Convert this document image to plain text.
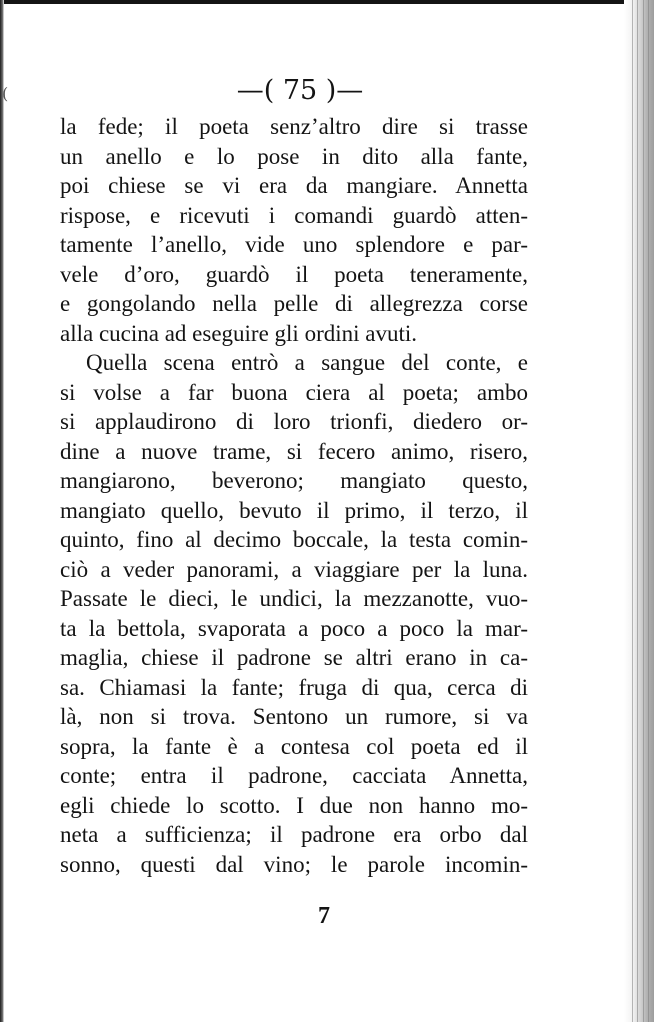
(	—( 75 )—
la fede; il poeta senz’altro dire si trasse
un anello e lo pose in dito alla fante,
poi chiese se vi era da mangiare. Annetta
rispose, e ricevuti i comandi guardò atten-
tamente l’anello, vide uno splendore e par-
vele d’oro, guardò il poeta teneramente,
e gongolando nella pelle di allegrezza corse
alla cucina ad eseguire gli ordini avuti.
Quella scena entrò a sangue del conte, e
si volse a far buona ciera al poeta; ambo
si applaudirono di loro trionfi, diedero or-
dine a nuove trame, si fecero animo, risero,
mangiarono, beverono; mangiato questo,
mangiato quello, bevuto il primo, il terzo, il
quinto, fino al decimo boccale, la testa comin-
ciò a veder panorami, a viaggiare per la luna.
Passate le dieci, le undici, la mezzanotte, vuo-
ta la bettola, svaporata a poco a poco la mar-
maglia, chiese il padrone se altri erano in ca-
sa. Chiamasi la fante; fruga di qua, cerca di
là, non si trova. Sentono un rumore, si va
sopra, la fante è a contesa col poeta ed il
conte; entra il padrone, cacciata Annetta,
egli chiede lo scotto. I due non hanno mo-
neta a sufficienza; il padrone era orbo dal
sonno, questi dal vino; le parole incomin-
7
